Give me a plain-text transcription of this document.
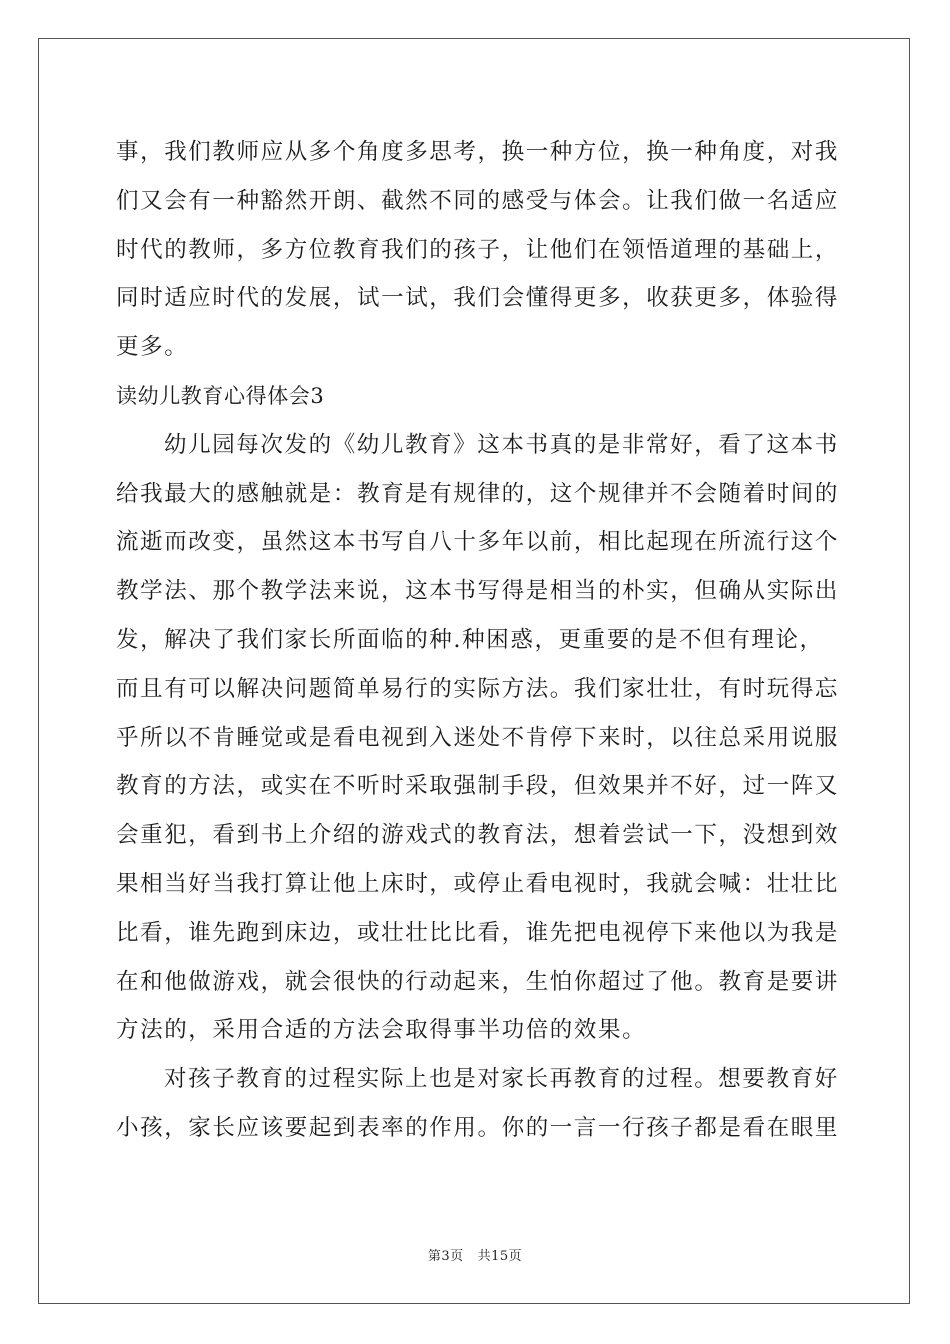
事，我们教师应从多个角度多思考，换一种方位，换一种角度，对我
们又会有一种豁然开朗、截然不同的感受与体会。让我们做一名适应
时代的教师，多方位教育我们的孩子，让他们在领悟道理的基础上，
同时适应时代的发展，试一试，我们会懂得更多，收获更多，体验得
更多。
读幼儿教育心得体会3
幼儿园每次发的《幼儿教育》这本书真的是非常好，看了这本书
给我最大的感触就是：教育是有规律的，这个规律并不会随着时间的
流逝而改变，虽然这本书写自八十多年以前，相比起现在所流行这个
教学法、那个教学法来说，这本书写得是相当的朴实，但确从实际出
发，解决了我们家长所面临的种.种困惑，更重要的是不但有理论，
而且有可以解决问题简单易行的实际方法。我们家壮壮，有时玩得忘
乎所以不肯睡觉或是看电视到入迷处不肯停下来时，以往总采用说服
教育的方法，或实在不听时采取强制手段，但效果并不好，过一阵又
会重犯，看到书上介绍的游戏式的教育法，想着尝试一下，没想到效
果相当好当我打算让他上床时，或停止看电视时，我就会喊：壮壮比
比看，谁先跑到床边，或壮壮比比看，谁先把电视停下来他以为我是
在和他做游戏，就会很快的行动起来，生怕你超过了他。教育是要讲
方法的，采用合适的方法会取得事半功倍的效果。
对孩子教育的过程实际上也是对家长再教育的过程。想要教育好
小孩，家长应该要起到表率的作用。你的一言一行孩子都是看在眼里
第3页 共15页
